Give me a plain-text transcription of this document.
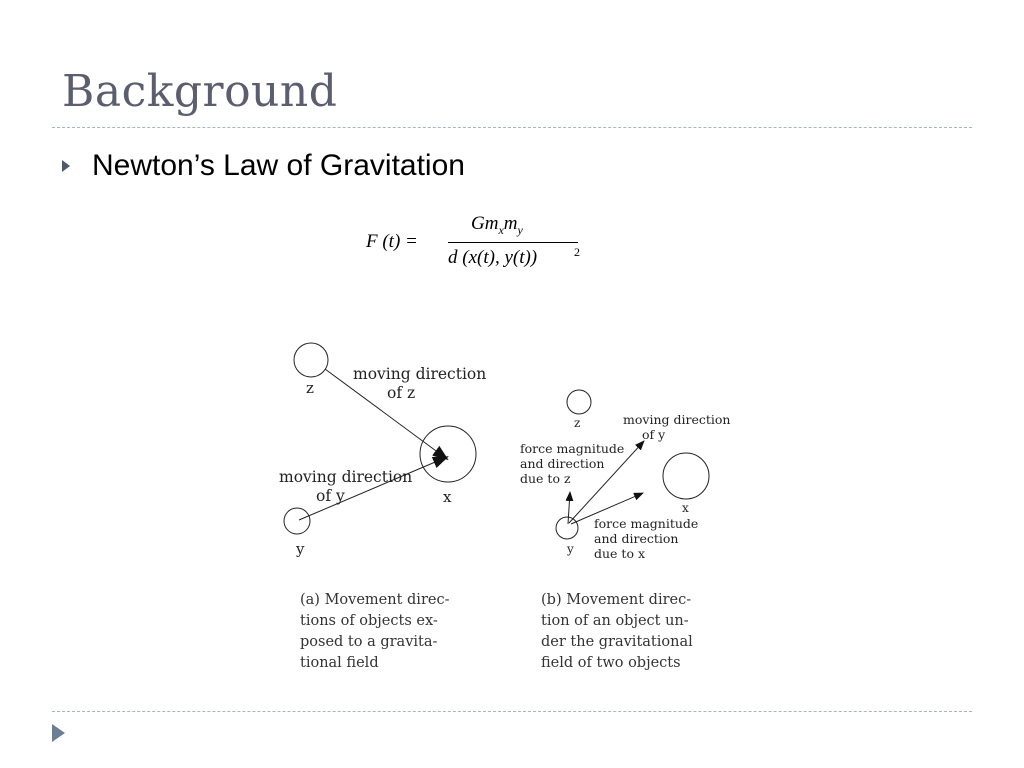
Background
Newton’s Law of Gravitation
F (t) =
$Gm_xm_y$
d (x(t), y(t))	2
z
x
y
moving direction
of z
moving direction
of y
z
x
y
moving direction
of y
force magnitude
and direction
due to z
force magnitude
and direction
due to x
(a) Movement direc-
tions of objects ex-
posed to a gravita-
tional field
(b) Movement direc-
tion of an object un-
der the gravitational
field of two objects
